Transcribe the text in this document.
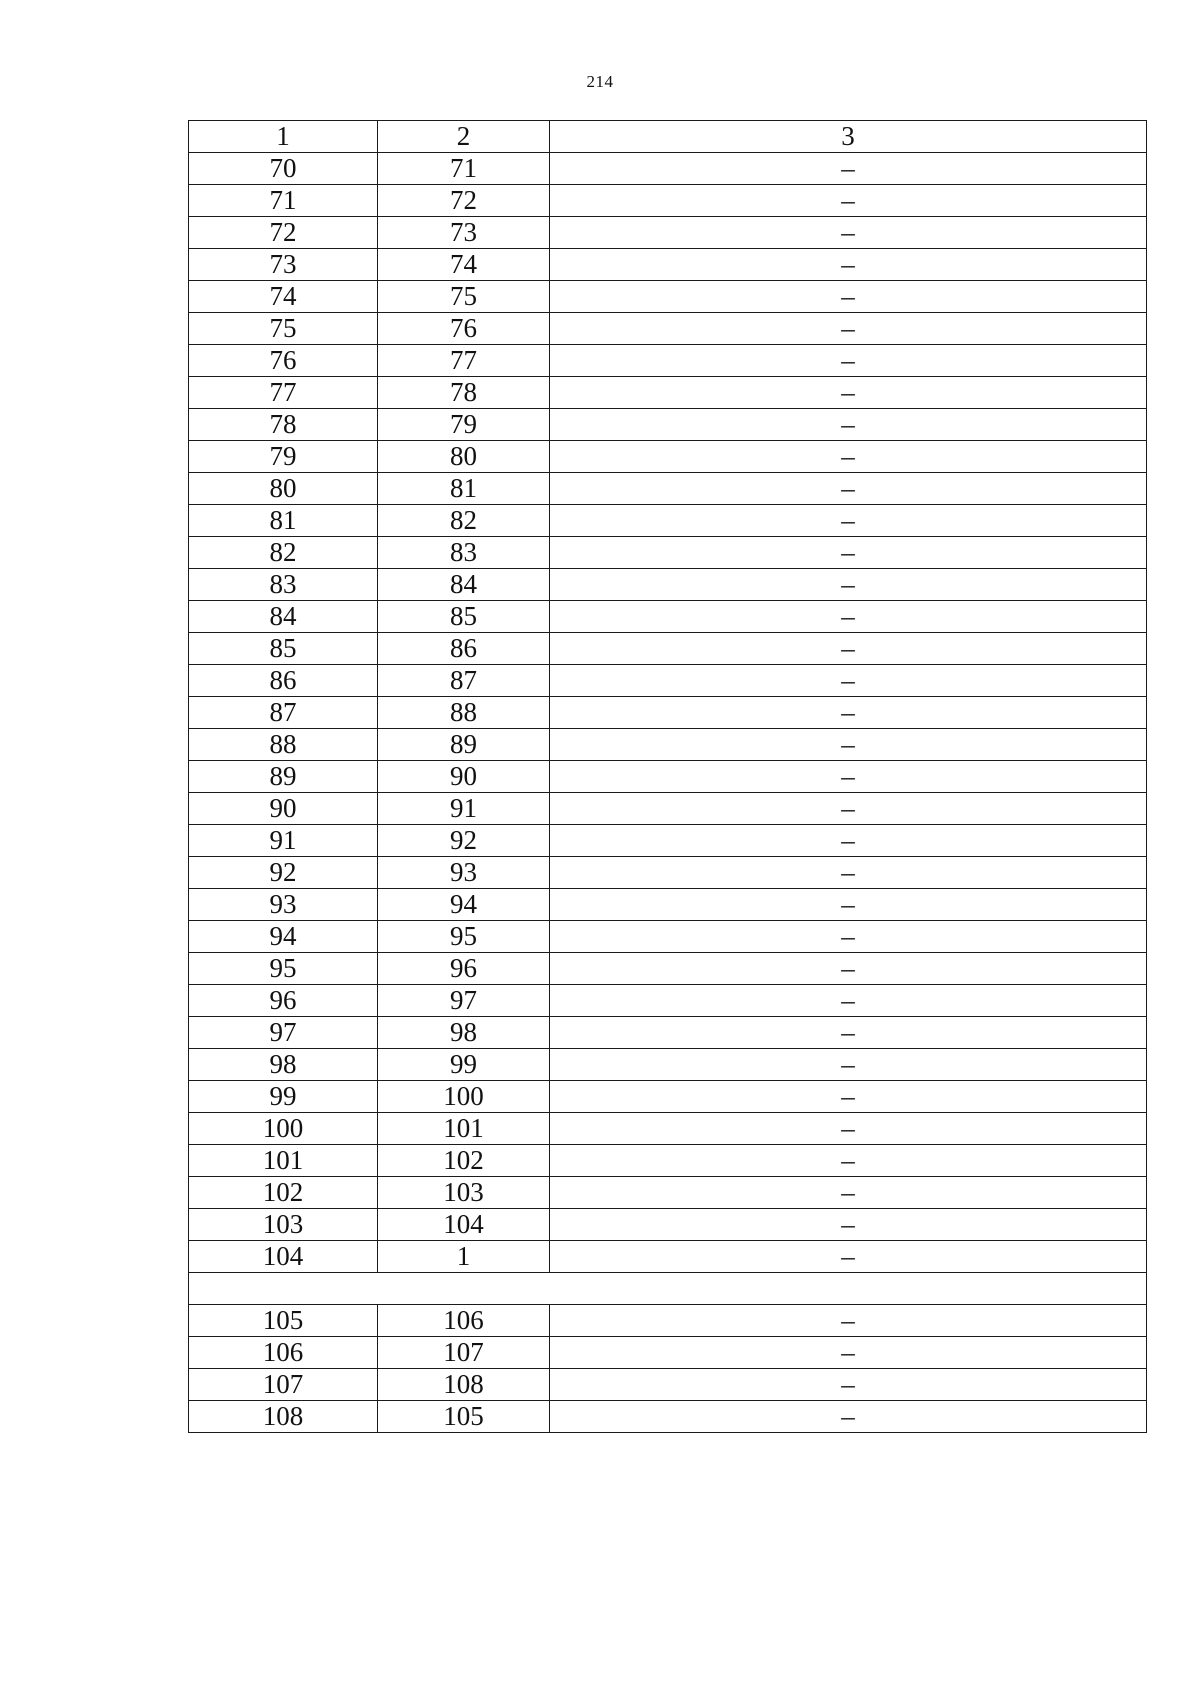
214
1	2	3
70	71	–
71	72	–
72	73	–
73	74	–
74	75	–
75	76	–
76	77	–
77	78	–
78	79	–
79	80	–
80	81	–
81	82	–
82	83	–
83	84	–
84	85	–
85	86	–
86	87	–
87	88	–
88	89	–
89	90	–
90	91	–
91	92	–
92	93	–
93	94	–
94	95	–
95	96	–
96	97	–
97	98	–
98	99	–
99	100	–
100	101	–
101	102	–
102	103	–
103	104	–
104	1	–

105	106	–
106	107	–
107	108	–
108	105	–
